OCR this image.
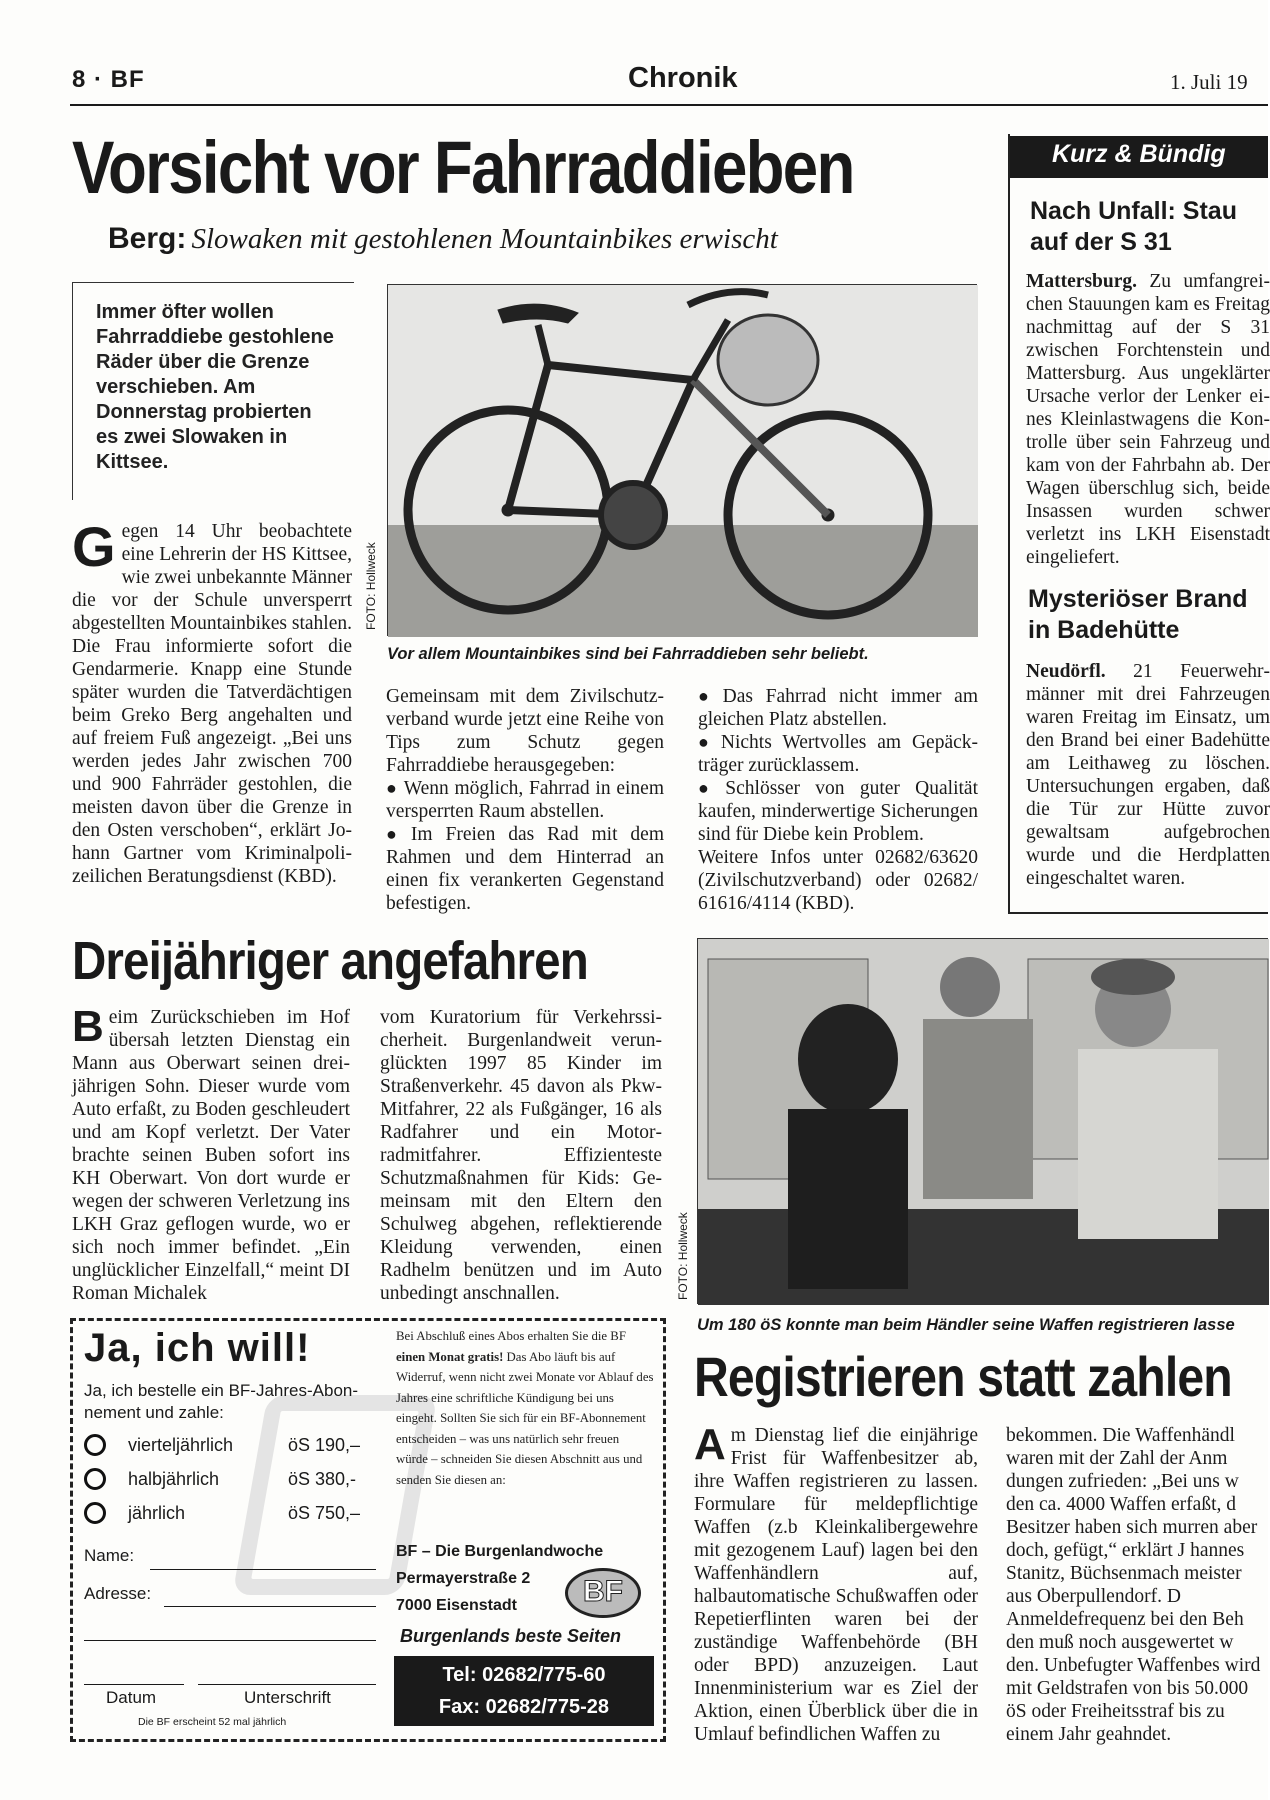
8 · BF	Chronik	1. Juli 19
Vorsicht vor Fahrraddieben
Berg: Slowaken mit gestohlenen Mountainbikes erwischt
Immer öfter wollen Fahrraddiebe gestohlene Räder über die Grenze verschieben. Am Donnerstag probierten es zwei Slowaken in Kittsee.
FOTO: Hollweck
Vor allem Mountainbikes sind bei Fahrraddieben sehr beliebt.
G egen 14 Uhr beobachtete eine Lehrerin der HS Kittsee, wie zwei unbekannte Männer die vor der Schule unversperrt abgestellten Mountainbikes stahlen. Die Frau informierte sofort die Gendarmerie. Knapp eine Stunde später wurden die Tatverdächtigen beim Greko Berg angehalten und auf freiem Fuß angezeigt. „Bei uns werden jedes Jahr zwischen 700 und 900 Fahrräder gestohlen, die meisten davon über die Grenze in den Osten verschoben“, erklärt Johann Gartner vom Kriminalpolizeilichen Beratungsdienst (KBD).

Gemeinsam mit dem Zivilschutzverband wurde jetzt eine Reihe von Tips zum Schutz gegen Fahrraddiebe herausgegeben:

● Wenn möglich, Fahrrad in einem versperrten Raum abstellen.

● Im Freien das Rad mit dem Rahmen und dem Hinterrad an einen fix verankerten Gegenstand befestigen.

● Das Fahrrad nicht immer am gleichen Platz abstellen.

● Nichts Wertvolles am Gepäckträger zurücklassem.

● Schlösser von guter Qualität kaufen, minderwertige Sicherungen sind für Diebe kein Problem.

Weitere Infos unter 02682/63620 (Zivilschutzverband) oder 02682/ 61616/4114 (KBD).

Kurz & Bündig
Nach Unfall: Stau auf der S 31
Mattersburg. Zu umfangreichen Stauungen kam es Freitag nachmittag auf der S 31 zwischen Forchtenstein und Mattersburg. Aus ungeklärter Ursache verlor der Lenker eines Kleinlastwagens die Kontrolle über sein Fahrzeug und kam von der Fahrbahn ab. Der Wagen überschlug sich, beide Insassen wurden schwer verletzt ins LKH Eisenstadt eingeliefert.
Mysteriöser Brand in Badehütte
Neudörfl. 21 Feuerwehrmänner mit drei Fahrzeugen waren Freitag im Einsatz, um den Brand bei einer Badehütte am Leithaweg zu löschen. Untersuchungen ergaben, daß die Tür zur Hütte zuvor gewaltsam aufgebrochen wurde und die Herdplatten eingeschaltet waren.
Dreijähriger angefahren
B eim Zurückschieben im Hof übersah letzten Dienstag ein Mann aus Oberwart seinen dreijährigen Sohn. Dieser wurde vom Auto erfaßt, zu Boden geschleudert und am Kopf verletzt. Der Vater brachte seinen Buben sofort ins KH Oberwart. Von dort wurde er wegen der schweren Verletzung ins LKH Graz geflogen wurde, wo er sich noch immer befindet. „Ein unglücklicher Einzelfall,“ meint DI Roman Michalek
vom Kuratorium für Verkehrssicherheit. Burgenlandweit verunglückten 1997 85 Kinder im Straßenverkehr. 45 davon als Pkw-Mitfahrer, 22 als Fußgänger, 16 als Radfahrer und ein Motorradmitfahrer. Effizienteste Schutzmaßnahmen für Kids: Gemeinsam mit den Eltern den Schulweg abgehen, reflektierende Kleidung verwenden, einen Radhelm benützen und im Auto unbedingt anschnallen.	FOTO: Hollweck
Um 180 öS konnte man beim Händler seine Waffen registrieren lasse
Registrieren statt zahlen
A m Dienstag lief die einjährige Frist für Waffenbesitzer ab, ihre Waffen registrieren zu lassen. Formulare für meldepflichtige Waffen (z.b Kleinkalibergewehre mit gezogenem Lauf) lagen bei den Waffenhändlern auf, halbautomatische Schußwaffen oder Repetierflinten waren bei der zuständige Waffenbehörde (BH oder BPD) anzuzeigen. Laut Innenministerium war es Ziel der Aktion, einen Überblick über die in Umlauf befindlichen Waffen zu
bekommen. Die Waffenhändl waren mit der Zahl der Anm dungen zufrieden: „Bei uns w den ca. 4000 Waffen erfaßt, d Besitzer haben sich murren aber doch, gefügt,“ erklärt J hannes Stanitz, Büchsenmach meister aus Oberpullendorf. D Anmeldefrequenz bei den Beh den muß noch ausgewertet w den. Unbefugter Waffenbes wird mit Geldstrafen von bis 50.000 öS oder Freiheitsstraf bis zu einem Jahr geahndet.
Ja, ich will!
Ja, ich bestelle ein BF-Jahres-Abonnement und zahle:
vierteljährlich	öS 190,–
halbjährlich	öS 380,-
jährlich	öS 750,–
Name:
Adresse:
Datum	Unterschrift
Die BF erscheint 52 mal jährlich
Bei Abschluß eines Abos erhalten Sie die BF einen Monat gratis! Das Abo läuft bis auf Widerruf, wenn nicht zwei Monate vor Ablauf des Jahres eine schriftliche Kündigung bei uns eingeht. Sollten Sie sich für ein BF-Abonnement entscheiden – was uns natürlich sehr freuen würde – schneiden Sie diesen Abschnitt aus und senden Sie diesen an:
BF – Die Burgenlandwoche
Permayerstraße 2
7000 Eisenstadt	BF
Burgenlands beste Seiten
Tel: 02682/775-60
Fax: 02682/775-28
